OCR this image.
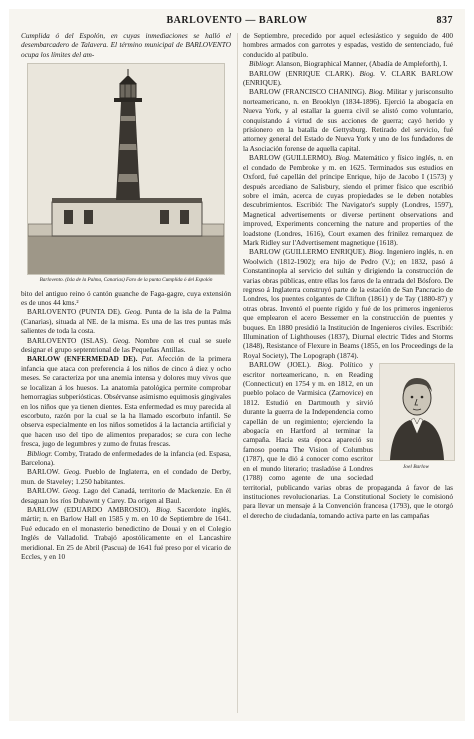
BARLOVENTO — BARLOW	837

Cumplida ó del Espolón, en cuyas inmediaciones se halló el desembarcadero de Talavera. El término municipal de BARLOVENTO ocupa los límites del am-

Barlovento. (Isla de la Palma, Canarias) Faro de la punta Cumplida ó del Espolón

bito del antiguo reino ó cantón guanche de Faga-gagre, cuya extensión es de unos 44 kms.²

BARLOVENTO (PUNTA DE). Geog. Punta de la isla de la Palma (Canarias), situada al NE. de la misma. Es una de las tres puntas más salientes de toda la costa.

BARLOVENTO (ISLAS). Geog. Nombre con el cual se suele designar el grupo septentrional de las Pequeñas Antillas.

BARLOW (ENFERMEDAD DE). Pat. Afección de la primera infancia que ataca con preferencia á los niños de cinco á diez y ocho meses. Se caracteriza por una anemia intensa y dolores muy vivos que se localizan á los huesos. La anatomía patológica permite comprobar hemorragias subperiósticas. Obsérvanse asimismo equimosis gingivales en los niños que ya tienen dientes. Esta enfermedad es muy parecida al escorbuto, razón por la cual se la ha llamado escorbuto infantil. Se observa especialmente en los niños sometidos á la lactancia artificial y que hacen uso del tipo de alimentos preparados; se cura con leche fresca, jugo de legumbres y zumo de frutas frescas.

Bibliogr. Comby, Tratado de enfermedades de la infancia (ed. Espasa, Barcelona).

BARLOW. Geog. Pueblo de Inglaterra, en el condado de Derby, mun. de Staveley; 1.250 habitantes.

BARLOW. Geog. Lago del Canadá, territorio de Mackenzie. En él desaguan los ríos Dubawnt y Carey. Da origen al Baul.

BARLOW (EDUARDO AMBROSIO). Biog. Sacerdote inglés, mártir; n. en Barlow Hall en 1585 y m. en 10 de Septiembre de 1641. Fué educado en el monasterio benedictino de Douai y en el Colegio Inglés de Valladolid. Trabajó apostólicamente en el Lancashire meridional. En 25 de Abril (Pascua) de 1641 fué preso por el vicario de Eccles, y en 10

de Septiembre, precedido por aquel eclesiástico y seguido de 400 hombres armados con garrotes y espadas, vestido de sentenciado, fué conducido al patíbulo.

Bibliogr. Alanson, Biographical Manner, (Abadía de Ampleforth), I.

BARLOW (ENRIQUE CLARK). Biog. V. CLARK BARLOW (ENRIQUE).

BARLOW (FRANCISCO CHANING). Biog. Militar y jurisconsulto norteamericano, n. en Brooklyn (1834-1896). Ejerció la abogacía en Nueva York, y al estallar la guerra civil se alistó como voluntario, conquistando á virtud de sus acciones de guerra; cayó herido y prisionero en la batalla de Gettysburg. Retirado del servicio, fué attorney general del Estado de Nueva York y uno de los fundadores de la Asociación forense de aquella capital.

BARLOW (GUILLERMO). Biog. Matemático y físico inglés, n. en el condado de Pembroke y m. en 1625. Terminados sus estudios en Oxford, fué capellán del príncipe Enrique, hijo de Jacobo I (1573) y después arcediano de Salisbury, siendo el primer físico que escribió sobre el imán, acerca de cuyas propiedades se le deben notables descubrimientos. Escribió: The Navigator's supply (Londres, 1597), Magnetical advertisements or diverse pertinent observations and improved, Experiments concerning the nature and properties of the loadstone (Londres, 1616), Court examen des frinilez remarquez de Mark Ridley sur l'Advertisement magnetique (1618).

BARLOW (GUILLERMO ENRIQUE). Biog. Ingeniero inglés, n. en Woolwich (1812-1902); era hijo de Pedro (V.); en 1832, pasó á Constantinopla al servicio del sultán y dirigiendo la construcción de varias obras públicas, entre ellas los faros de la entrada del Bósforo. De regreso á Inglaterra construyó parte de la estación de San Pancracio de Londres, los puentes colgantes de Clifton (1861) y de Tay (1880-87) y otras obras. Inventó el puente rígido y fué de los primeros ingenieros que emplearon el acero Bessemer en la construcción de puentes y buques. En 1880 presidió la Institución de Ingenieros civiles. Escribió: Illumination of Lighthouses (1837), Diurnal electric Tides and Storms (1848), Resistance of Flexure in Beams (1855, en los Proceedings de la Royal Society), The Lopograph (1874).

Joel Barlow

BARLOW (JOEL). Biog. Político y escritor norteamericano, n. en Reading (Connecticut) en 1754 y m. en 1812, en un pueblo polaco de Varmisica (Zarnovice) en 1812. Estudió en Dartmouth y sirvió durante la guerra de la Independencia como capellán de un regimiento; ejerciendo la abogacía en Hartford al terminar la campaña. Hacia esta época apareció su famoso poema The Vision of Columbus (1787), que le dió á conocer como escritor en el mundo literario; trasladóse á Londres (1788) como agente de una sociedad territorial, publicando varias obras de propaganda á favor de las instituciones revolucionarias. La Constitutional Society le comisionó para llevar un mensaje á la Convención francesa (1793), que le otorgó el derecho de ciudadanía, tomando activa parte en las campañas
